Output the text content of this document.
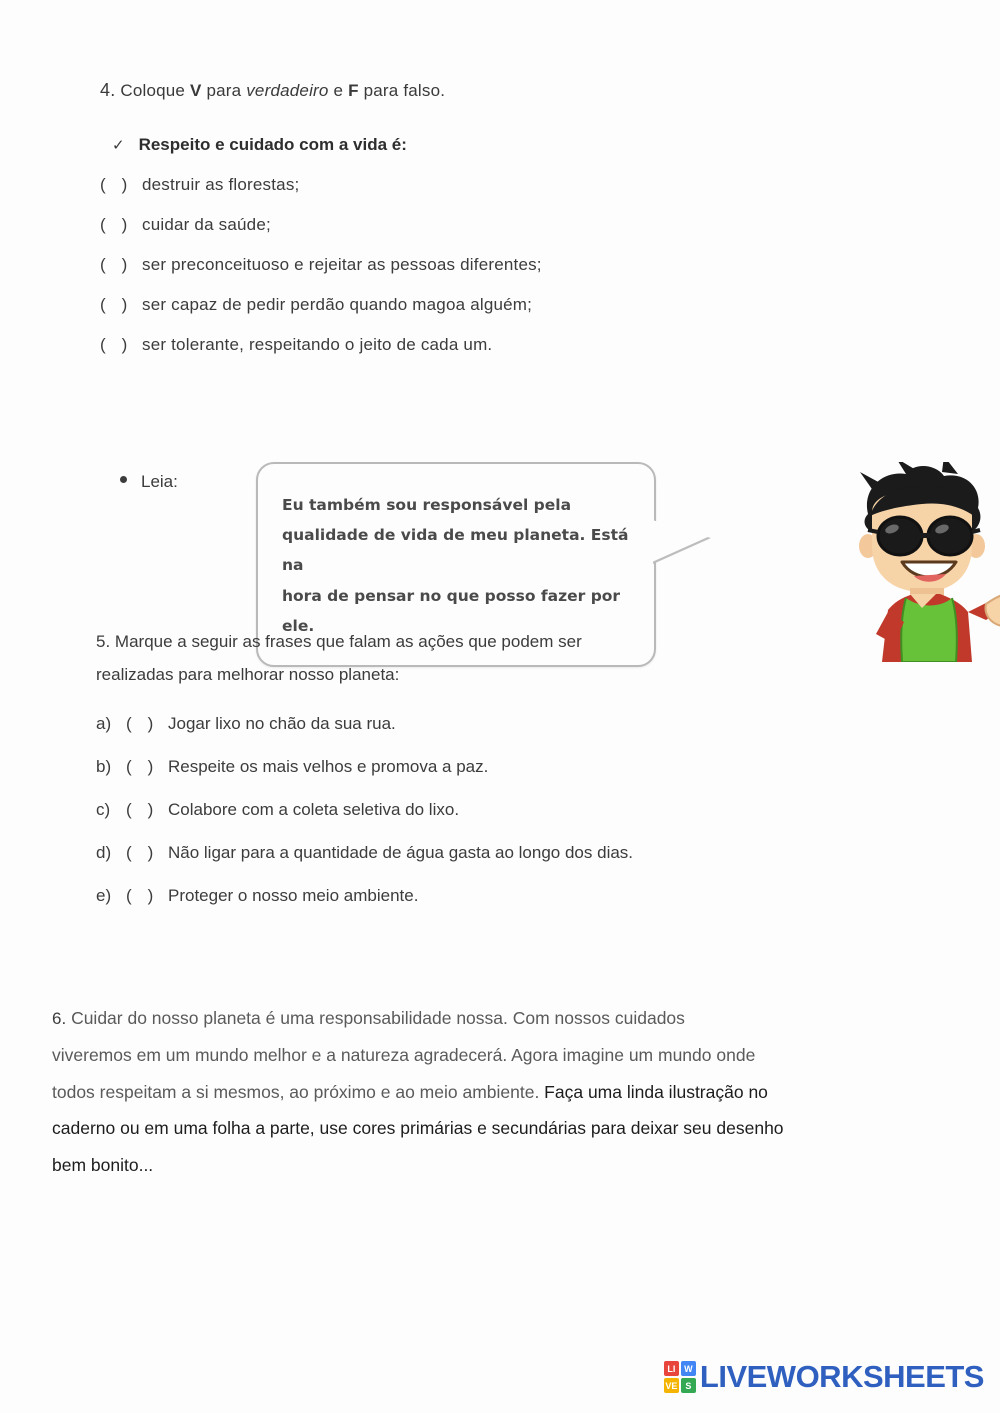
4. Coloque V para verdadeiro e F para falso.
✓ Respeito e cuidado com a vida é:
( ) destruir as florestas;
( ) cuidar da saúde;
( ) ser preconceituoso e rejeitar as pessoas diferentes;
( ) ser capaz de pedir perdão quando magoa alguém;
( ) ser tolerante, respeitando o jeito de cada um.
Leia:
Eu também sou responsável pela
qualidade de vida de meu planeta. Está na
hora de pensar no que posso fazer por ele.
5. Marque a seguir as frases que falam as ações que podem ser
realizadas para melhorar nosso planeta:
a) ( ) Jogar lixo no chão da sua rua.
b) ( ) Respeite os mais velhos e promova a paz.
c) ( ) Colabore com a coleta seletiva do lixo.
d) ( ) Não ligar para a quantidade de água gasta ao longo dos dias.
e) ( ) Proteger o nosso meio ambiente.
6. Cuidar do nosso planeta é uma responsabilidade nossa. Com nossos cuidados
viveremos em um mundo melhor e a natureza agradecerá. Agora imagine um mundo onde
todos respeitam a si mesmos, ao próximo e ao meio ambiente. Faça uma linda ilustração no
caderno ou em uma folha a parte, use cores primárias e secundárias para deixar seu desenho
bem bonito...
LI W
VE S LIVEWORKSHEETS
